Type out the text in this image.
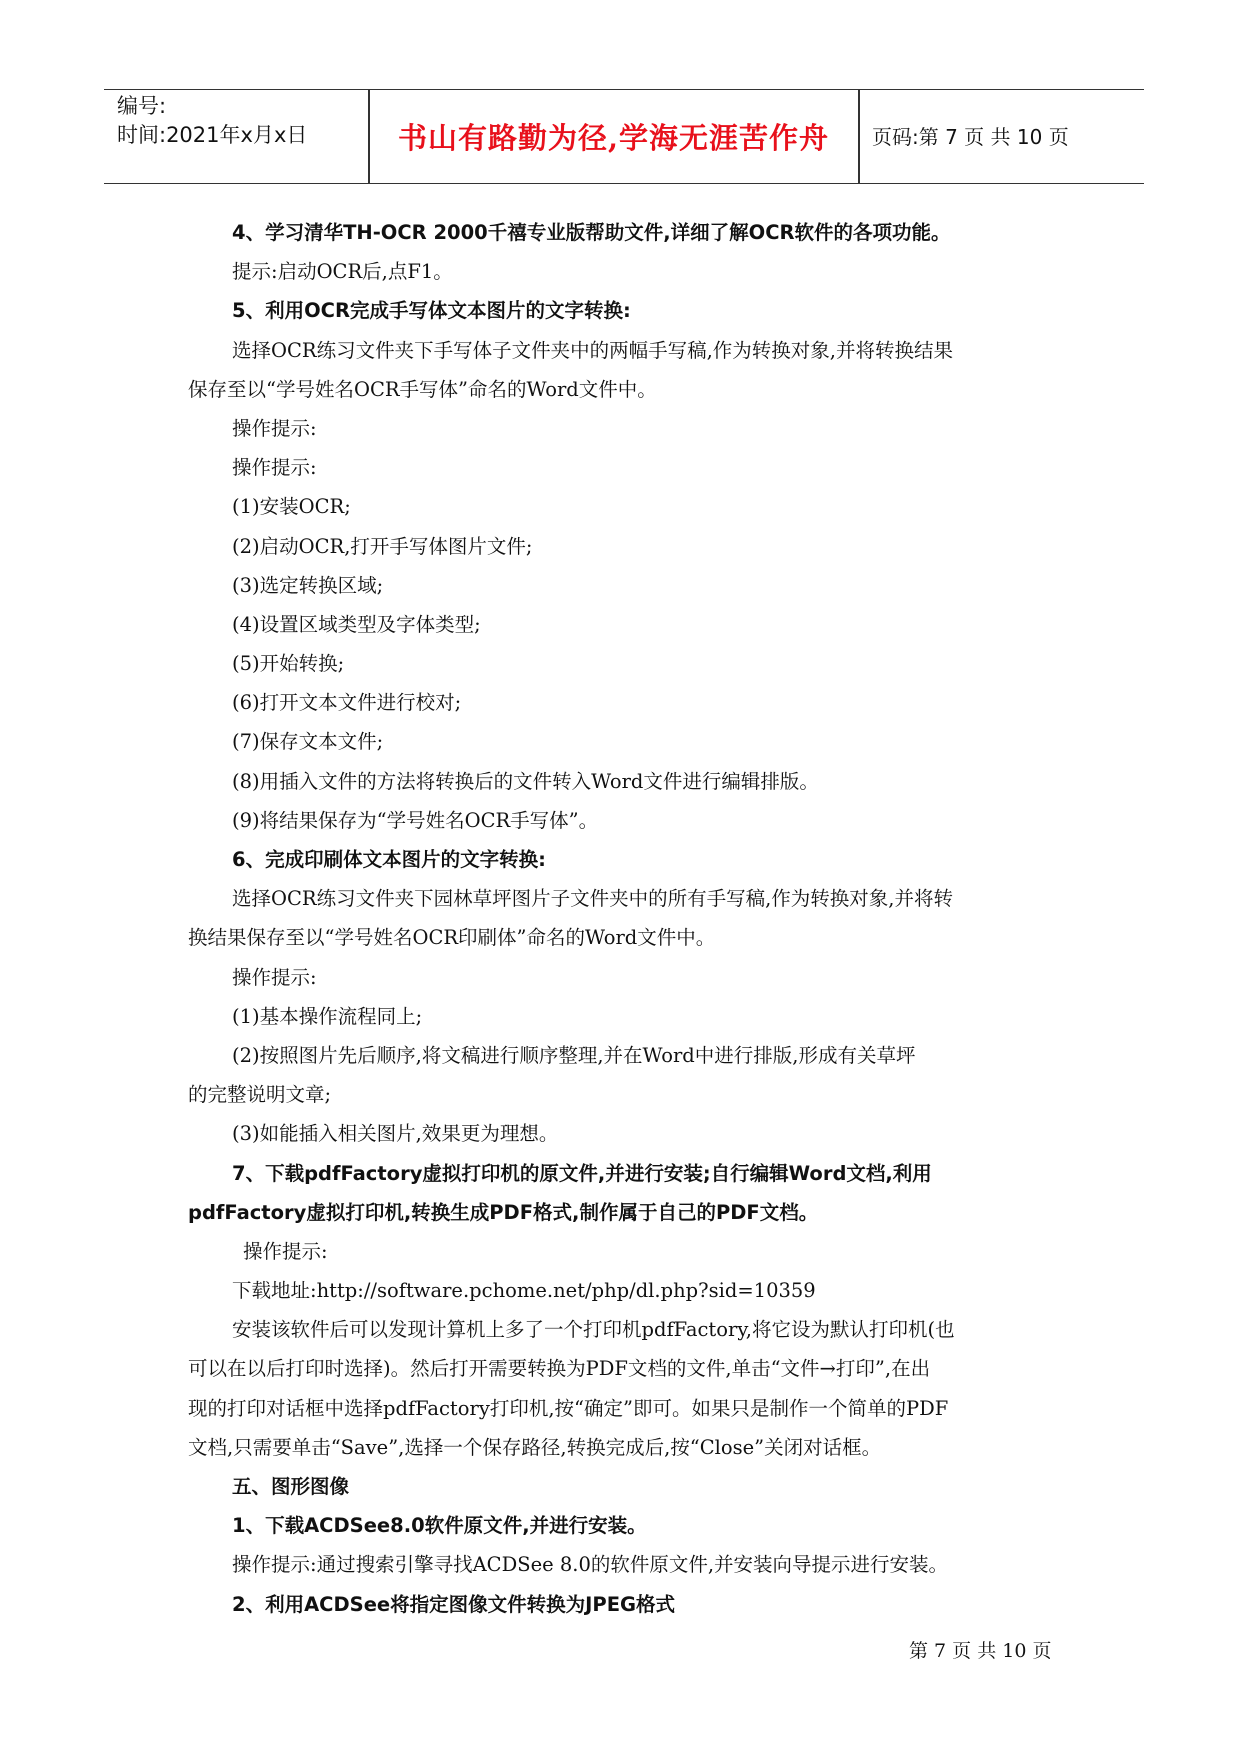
编号:
时间:2021年x月x日	书山有路勤为径,学海无涯苦作舟	页码:第 7 页 共 10 页
4、学习清华TH-OCR 2000千禧专业版帮助文件,详细了解OCR软件的各项功能。
提示:启动OCR后,点F1。
5、利用OCR完成手写体文本图片的文字转换:
选择OCR练习文件夹下手写体子文件夹中的两幅手写稿,作为转换对象,并将转换结果
保存至以“学号姓名OCR手写体”命名的Word文件中。
操作提示:
操作提示:
(1)安装OCR;
(2)启动OCR,打开手写体图片文件;
(3)选定转换区域;
(4)设置区域类型及字体类型;
(5)开始转换;
(6)打开文本文件进行校对;
(7)保存文本文件;
(8)用插入文件的方法将转换后的文件转入Word文件进行编辑排版。
(9)将结果保存为“学号姓名OCR手写体”。
6、完成印刷体文本图片的文字转换:
选择OCR练习文件夹下园林草坪图片子文件夹中的所有手写稿,作为转换对象,并将转
换结果保存至以“学号姓名OCR印刷体”命名的Word文件中。
操作提示:
(1)基本操作流程同上;
(2)按照图片先后顺序,将文稿进行顺序整理,并在Word中进行排版,形成有关草坪
的完整说明文章;
(3)如能插入相关图片,效果更为理想。
7、下载pdfFactory虚拟打印机的原文件,并进行安装;自行编辑Word文档,利用
pdfFactory虚拟打印机,转换生成PDF格式,制作属于自己的PDF文档。
操作提示:
下载地址:http://software.pchome.net/php/dl.php?sid=10359
安装该软件后可以发现计算机上多了一个打印机pdfFactory,将它设为默认打印机(也
可以在以后打印时选择)。然后打开需要转换为PDF文档的文件,单击“文件→打印”,在出
现的打印对话框中选择pdfFactory打印机,按“确定”即可。如果只是制作一个简单的PDF
文档,只需要单击“Save”,选择一个保存路径,转换完成后,按“Close”关闭对话框。
五、图形图像
1、下载ACDSee8.0软件原文件,并进行安装。
操作提示:通过搜索引擎寻找ACDSee 8.0的软件原文件,并安装向导提示进行安装。
2、利用ACDSee将指定图像文件转换为JPEG格式
第 7 页 共 10 页
